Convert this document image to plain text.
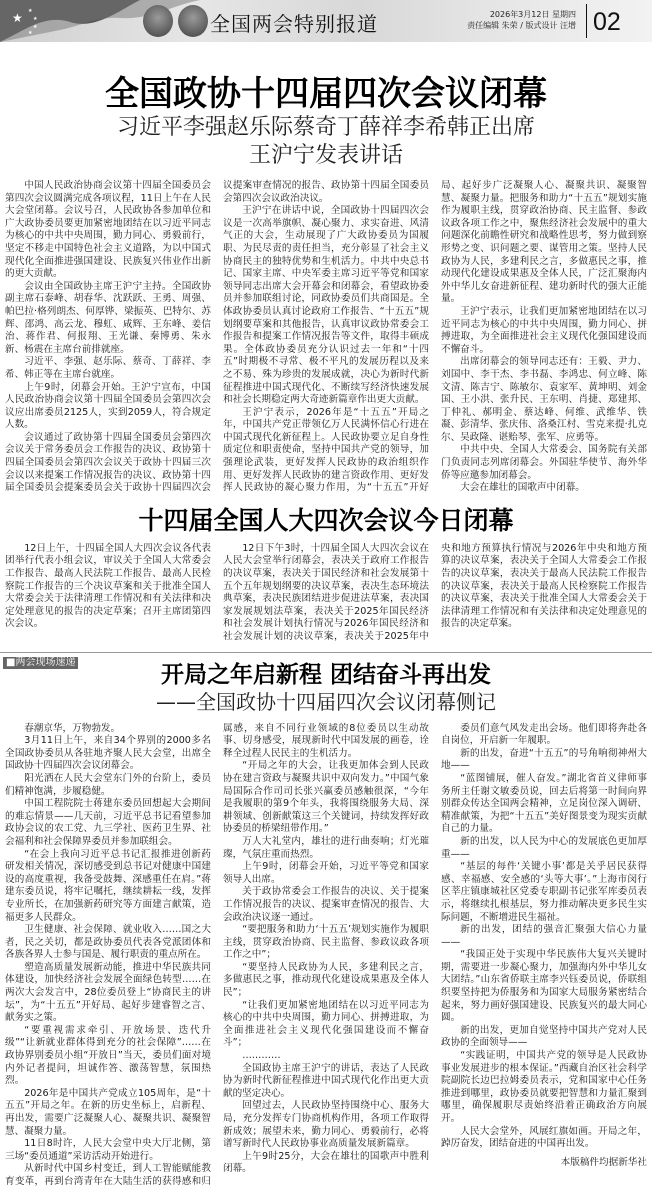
★ ★
★
★
★	全国两会特别报道	2026年3月12日 星期四
责任编辑 朱荣 / 版式设计 汪增 02
全国政协十四届四次会议闭幕
习近平李强赵乐际蔡奇丁薛祥李希韩正出席
王沪宁发表讲话

中国人民政治协商会议第十四届全国委员会第四次会议圆满完成各项议程，11日上午在人民大会堂闭幕。会议号召，人民政协各参加单位和广大政协委员要更加紧密地团结在以习近平同志为核心的中共中央周围，勤力同心、勇毅前行，坚定不移走中国特色社会主义道路，为以中国式现代化全面推进强国建设、民族复兴伟业作出新的更大贡献。

会议由全国政协主席王沪宁主持。全国政协副主席石泰峰、胡春华、沈跃跃、王勇、周强、帕巴拉·格列朗杰、何厚铧、梁振英、巴特尔、苏辉、邵鸿、高云龙、穆虹、咸辉、王东峰、姜信治、蒋作君、何报翔、王光谦、秦博勇、朱永新、杨震在主席台前排就座。

习近平、李强、赵乐际、蔡奇、丁薛祥、李希、韩正等在主席台就座。

上午9时，闭幕会开始。王沪宁宣布，中国人民政治协商会议第十四届全国委员会第四次会议应出席委员2125人，实到2059人，符合规定人数。

会议通过了政协第十四届全国委员会第四次会议关于常务委员会工作报告的决议、政协第十四届全国委员会第四次会议关于政协十四届三次会议以来提案工作情况报告的决议、政协第十四届全国委员会提案委员会关于政协十四届四次会议提案审查情况的报告、政协第十四届全国委员会第四次会议政治决议。

王沪宁在讲话中说，全国政协十四届四次会议是一次高举旗帜、凝心聚力、求实奋进、风清气正的大会，生动展现了广大政协委员为国履职、为民尽责的责任担当，充分彰显了社会主义协商民主的独特优势和生机活力。中共中央总书记、国家主席、中央军委主席习近平等党和国家领导同志出席大会开幕会和闭幕会，看望政协委员并参加联组讨论，同政协委员们共商国是。全体政协委员认真讨论政府工作报告、“十五五”规划纲要草案和其他报告，认真审议政协常委会工作报告和提案工作情况报告等文件，取得丰硕成果。全体政协委员充分认识过去一年和“十四五”时期极不寻常、极不平凡的发展历程以及来之不易、殊为珍贵的发展成就，决心为新时代新征程推进中国式现代化、不断续写经济快速发展和社会长期稳定两大奇迹新篇章作出更大贡献。

王沪宁表示，2026年是“十五五”开局之年，中国共产党正带领亿万人民满怀信心行进在中国式现代化新征程上。人民政协要立足自身性质定位和职责使命，坚持中国共产党的领导，加强理论武装，更好发挥人民政协的政治组织作用、更好发挥人民政协的建言资政作用、更好发挥人民政协的凝心聚力作用，为“十五五”开好局、起好步广泛凝聚人心、凝聚共识、凝聚智慧、凝聚力量。把服务和助力“十五五”规划实施作为履职主线，贯穿政治协商、民主监督、参政议政各项工作之中，聚焦经济社会发展中的重大问题深化前瞻性研究和战略性思考，努力做到察形势之变、识问题之要、谋管用之策。坚持人民政协为人民，多建利民之言，多做惠民之事，推动现代化建设成果惠及全体人民，广泛汇聚海内外中华儿女奋进新征程、建功新时代的强大正能量。

王沪宁表示，让我们更加紧密地团结在以习近平同志为核心的中共中央周围，勤力同心、拼搏进取，为全面推进社会主义现代化强国建设而不懈奋斗。

出席闭幕会的领导同志还有：王毅、尹力、刘国中、李干杰、李书磊、李鸿忠、何立峰、陈文清、陈吉宁、陈敏尔、袁家军、黄坤明、刘金国、王小洪、张升民、王东明、肖捷、郑建邦、丁仲礼、郝明金、蔡达峰、何维、武维华、铁凝、彭清华、张庆伟、洛桑江村、雪克来提·扎克尔、吴政隆、谌贻琴、张军、应勇等。

中共中央、全国人大常委会、国务院有关部门负责同志列席闭幕会。外国驻华使节、海外华侨等应邀参加闭幕会。

大会在雄壮的国歌声中闭幕。

十四届全国人大四次会议今日闭幕

12日上午，十四届全国人大四次会议各代表团举行代表小组会议，审议关于全国人大常委会工作报告、最高人民法院工作报告、最高人民检察院工作报告的三个决议草案和关于批准全国人大常委会关于法律清理工作情况和有关法律和决定处理意见的报告的决定草案；召开主席团第四次会议。

12日下午3时，十四届全国人大四次会议在人民大会堂举行闭幕会，表决关于政府工作报告的决议草案，表决关于国民经济和社会发展第十五个五年规划纲要的决议草案，表决生态环境法典草案，表决民族团结进步促进法草案，表决国家发展规划法草案，表决关于2025年国民经济和社会发展计划执行情况与2026年国民经济和社会发展计划的决议草案，表决关于2025年中央和地方预算执行情况与2026年中央和地方预算的决议草案，表决关于全国人大常委会工作报告的决议草案，表决关于最高人民法院工作报告的决议草案，表决关于最高人民检察院工作报告的决议草案，表决关于批准全国人大常委会关于法律清理工作情况和有关法律和决定处理意见的报告的决定草案。

■两会现场速递	开局之年启新程 团结奋斗再出发
——全国政协十四届四次会议闭幕侧记

春潮京华，万物勃发。

3月11日上午，来自34个界别的2000多名全国政协委员从各驻地齐聚人民大会堂，出席全国政协十四届四次会议闭幕会。

阳光洒在人民大会堂东门外的台阶上，委员们精神饱满，步履稳健。

中国工程院院士蒋建东委员回想起大会期间的难忘情景——几天前，习近平总书记看望参加政协会议的农工党、九三学社、医药卫生界、社会福利和社会保障界委员并参加联组会。

“在会上我向习近平总书记汇报推进创新药研发相关情况，深切感受到总书记对健康中国建设的高度重视，我备受鼓舞、深感重任在肩。”蒋建东委员说，将牢记嘱托，继续耕耘一线，发挥专业所长，在加强新药研究等方面建言献策，造福更多人民群众。

卫生健康、社会保障、就业收入……国之大者，民之关切，都是政协委员代表各党派团体和各族各界人士参与国是、履行职责的重点所在。

塑造高质量发展新动能，推进中华民族共同体建设，加快经济社会发展全面绿色转型……在两次大会发言中，28位委员登上“协商民主的讲坛”，为“十五五”开好局、起好步建睿智之言、献务实之策。

“要重视需求牵引、开放场景、迭代升级”“让新就业群体得到充分的社会保障”……在政协界别委员小组“开放日”当天，委员们面对境内外记者提问，坦诚作答、激荡智慧，氛围热烈。

2026年是中国共产党成立105周年，是“十五五”开局之年。在新的历史坐标上，启新程、再出发，需要广泛凝聚人心、凝聚共识、凝聚智慧、凝聚力量。

11日8时许，人民大会堂中央大厅北侧，第三场“委员通道”采访活动开始进行。

从新时代中国乡村变迁，到人工智能赋能教育变革，再到台湾青年在大陆生活的获得感和归属感，来自不同行业领域的8位委员以生动故事、切身感受，展现新时代中国发展的画卷，诠释全过程人民民主的生机活力。

“开局之年的大会，让我更加体会到人民政协在建言资政与凝聚共识中双向发力。”中国气象局国际合作司司长张兴赢委员感触很深，“今年是我履职的第9个年头，我将围绕服务大局、深耕领域、创新献策这三个关键词，持续发挥好政协委员的桥梁纽带作用。”

万人大礼堂内，雄壮的进行曲奏响；灯光璀璨，气氛庄重而热烈。

上午9时，闭幕会开始，习近平等党和国家领导人出席。

关于政协常委会工作报告的决议、关于提案工作情况报告的决议、提案审查情况的报告、大会政治决议逐一通过。

“要把服务和助力‘十五五’规划实施作为履职主线，贯穿政治协商、民主监督、参政议政各项工作之中”；

“要坚持人民政协为人民，多建利民之言，多做惠民之事，推动现代化建设成果惠及全体人民”；

“让我们更加紧密地团结在以习近平同志为核心的中共中央周围，勤力同心、拼搏进取，为全面推进社会主义现代化强国建设而不懈奋斗”；

…………

全国政协主席王沪宁的讲话，表达了人民政协为新时代新征程推进中国式现代化作出更大贡献的坚定决心。

回望过去，人民政协坚持围绕中心、服务大局，充分发挥专门协商机构作用，各项工作取得新成效；展望未来，勤力同心、勇毅前行，必将谱写新时代人民政协事业高质量发展新篇章。

上午9时25分，大会在雄壮的国歌声中胜利闭幕。

委员们意气风发走出会场。他们即将奔赴各自岗位，开启新一年履职。

新的出发，奋进“十五五”的号角响彻神州大地——

“蓝图铺展，催人奋发。”湖北省首义律师事务所主任谢文敏委员说，回去后将第一时间向界别群众传达全国两会精神，立足岗位深入调研、精准献策，为把“十五五”美好图景变为现实贡献自己的力量。

新的出发，以人民为中心的发展底色更加厚重——

“基层的每件‘关键小事’都是关乎居民获得感、幸福感、安全感的‘头等大事’。”上海市闵行区莘庄镇康城社区党委专职副书记张军库委员表示，将继续扎根基层，努力推动解决更多民生实际问题，不断增进民生福祉。

新的出发，团结的强音汇聚强大信心力量——

“我国正处于实现中华民族伟大复兴关键时期，需要进一步凝心聚力，加强海内外中华儿女大团结。”山东省侨联主席李兴钰委员说，侨联组织要坚持把为侨服务和为国家大局服务紧密结合起来，努力画好强国建设、民族复兴的最大同心圆。

新的出发，更加自觉坚持中国共产党对人民政协的全面领导——

“实践证明，中国共产党的领导是人民政协事业发展进步的根本保证。”西藏自治区社会科学院副院长边巴拉姆委员表示，党和国家中心任务推进到哪里，政协委员就要把智慧和力量汇聚到哪里，确保履职尽责始终沿着正确政治方向展开。

人民大会堂外，风展红旗如画。开局之年，踔厉奋发，团结奋进的中国再出发。

本版稿件均据新华社
